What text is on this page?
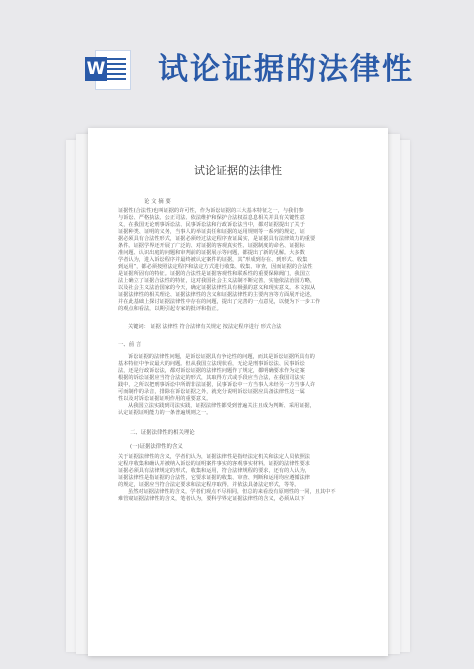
W 试论证据的法律性
试论证据的法律性
论 文 摘 要
证据性(合法性)也叫证据的许可性，作为诉讼证据的三大基本特征之一，与我们参
与诉讼、严格执法、公正司法、依法维护和保护合法权益息息相关并具有关键性意
义，在我国无论刑事诉讼法、民事诉讼法和行政诉讼法当中，都对证据提出了关于
证据种类、证明的义务，当事人的举证责任和证据的运用规则等一系列的规定，证
据必须具有合法性形式，证据必须经过法定程序查证属实，是证据具有法律效力的重要
条件。证据学界还开展了广泛的、对证据的客观真实性、证据制度的命名、证据标
准问题、认识出庭的问题和审判前的证据展示等问题，都提出了新的见解。大多数
学者认为，进入诉讼程序并最终被认定案件的证据，其“形成到存在、到形式、收集
到运用”，都必须按照法定程序和法定方式进行收集、收集、审查，因而证据的合法性
是证据所固有的特征。证据的合法性是证据客观性和联系性的重要保障阀门，我国立
法上确立了证据合法性的特征，这对我国社会主义法制不断完善，实施依法治国方略，
以及社会主义法治国家的今天，确定证据法律性具有极强的意义和现实意义。本文拟从
证据法律性的相关理论、证据法律性的含义和证据法律性的主要内容等方面展开论述，
并在此基础上探讨证据法律性中存在的问题，提出了完善的一点意见，以便为下一步工作
的观点和看法，以期引起专家的批评和指正。
关键词： 证据 法律性 符合法律有关规定 按法定程序进行 形式合法
一、前 言
诉讼证据的法律性问题，是诉讼证据具有争论性的问题，而其是诉讼证据所具有的
基本特征中争议最大的问题。但从我国立法现状看，无论是刑事诉讼法、民事诉讼
法，还是行政诉讼法，都对诉讼证据的法律性问题作了规定，都明确要求作为定案
根据的诉讼证据应当符合法定的形式，其取得方式或手段应当合法，在我国司法实
践中，之所以把刑事诉讼中所谓非法证据，民事诉讼中一方当事人未经另一方当事人许
可而制作的录音，排除在诉讼证据之外，就充分说明诉讼证据应具备法律性这一属
性以及对诉讼证据证明作用的重要意义。
从我国立法实践到司法实践，证据法律性都受到普遍关注且成为判断、采用证据，
认定证据证明能力的一条普遍规则之一。
二、证据法律性的相关理论
(一)证据法律性的含义
关于证据法律性的含义，学者们认为，证据法律性是指经法定机关和法定人员依照法
定程序收集和确认并被纳入诉讼的证明案件事实的客观事实材料。证据的法律性要求
证据必须具有法律规定的形式，收集和运用，符合法律规程的要求，还有的人认为，
证据法律性是指证据的合法性，它要求证据的收集、审查、判断和运用均应遵循法律
的规定，证据应当符合法定要求和法定程序取得，并依法具备法定形式，等等。
虽然对证据法律性的含义，学者们观点不尽相同，但总的来看没有原则性的一同，且其中不
难管窥证据法律性的含义，笔者认为，要科学界定证据法律性的含义，必须从以下
